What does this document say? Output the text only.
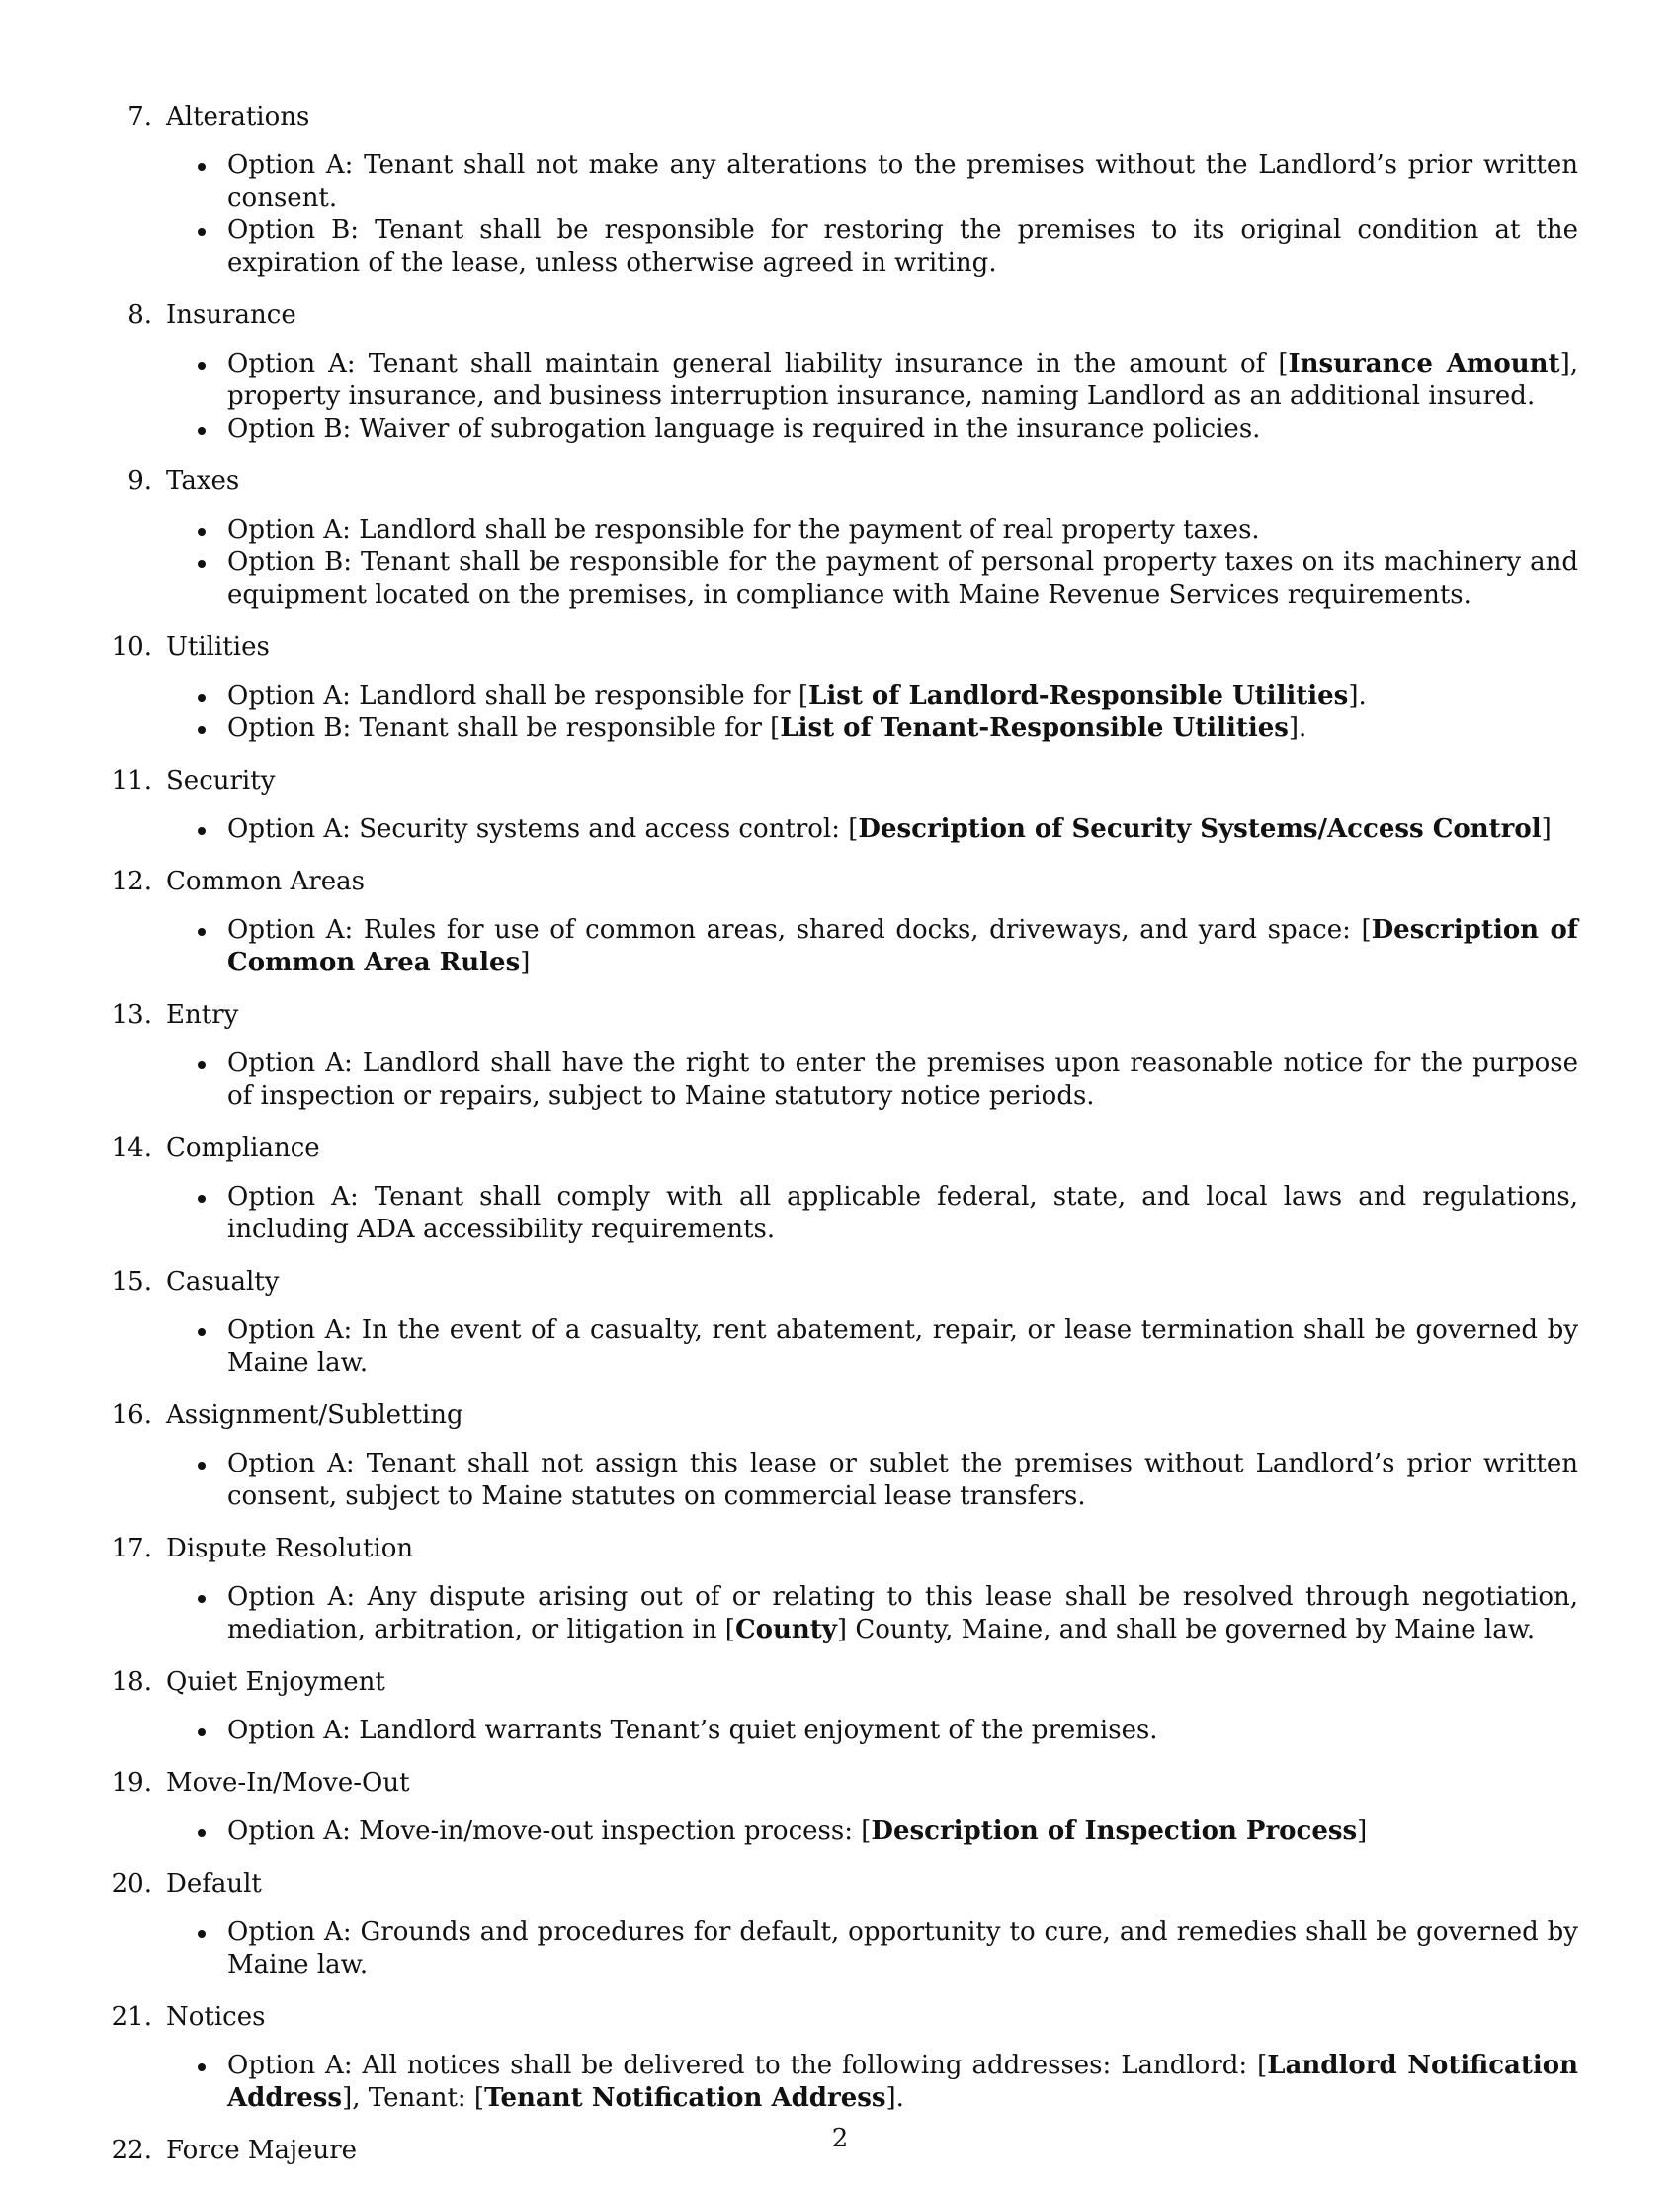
7. Alterations
Option A: Tenant shall not make any alterations to the premises without the Landlord’s prior written consent.
Option B: Tenant shall be responsible for restoring the premises to its original condition at the expiration of the lease, unless otherwise agreed in writing.
8. Insurance
Option A: Tenant shall maintain general liability insurance in the amount of [Insurance Amount], property insurance, and business interruption insurance, naming Landlord as an additional insured.
Option B: Waiver of subrogation language is required in the insurance policies.
9. Taxes
Option A: Landlord shall be responsible for the payment of real property taxes.
Option B: Tenant shall be responsible for the payment of personal property taxes on its machinery and equipment located on the premises, in compliance with Maine Revenue Services requirements.
10. Utilities
Option A: Landlord shall be responsible for [List of Landlord-Responsible Utilities].
Option B: Tenant shall be responsible for [List of Tenant-Responsible Utilities].
11. Security
Option A: Security systems and access control: [Description of Security Systems/Access Control]
12. Common Areas
Option A: Rules for use of common areas, shared docks, driveways, and yard space: [Description of Common Area Rules]
13. Entry
Option A: Landlord shall have the right to enter the premises upon reasonable notice for the purpose of inspection or repairs, subject to Maine statutory notice periods.
14. Compliance
Option A: Tenant shall comply with all applicable federal, state, and local laws and regulations, including ADA accessibility requirements.
15. Casualty
Option A: In the event of a casualty, rent abatement, repair, or lease termination shall be governed by Maine law.
16. Assignment/Subletting
Option A: Tenant shall not assign this lease or sublet the premises without Landlord’s prior written consent, subject to Maine statutes on commercial lease transfers.
17. Dispute Resolution
Option A: Any dispute arising out of or relating to this lease shall be resolved through negotiation, mediation, arbitration, or litigation in [County] County, Maine, and shall be governed by Maine law.
18. Quiet Enjoyment
Option A: Landlord warrants Tenant’s quiet enjoyment of the premises.
19. Move-In/Move-Out
Option A: Move-in/move-out inspection process: [Description of Inspection Process]
20. Default
Option A: Grounds and procedures for default, opportunity to cure, and remedies shall be governed by Maine law.
21. Notices
Option A: All notices shall be delivered to the following addresses: Landlord: [Landlord Notification Address], Tenant: [Tenant Notification Address].
22. Force Majeure	2
